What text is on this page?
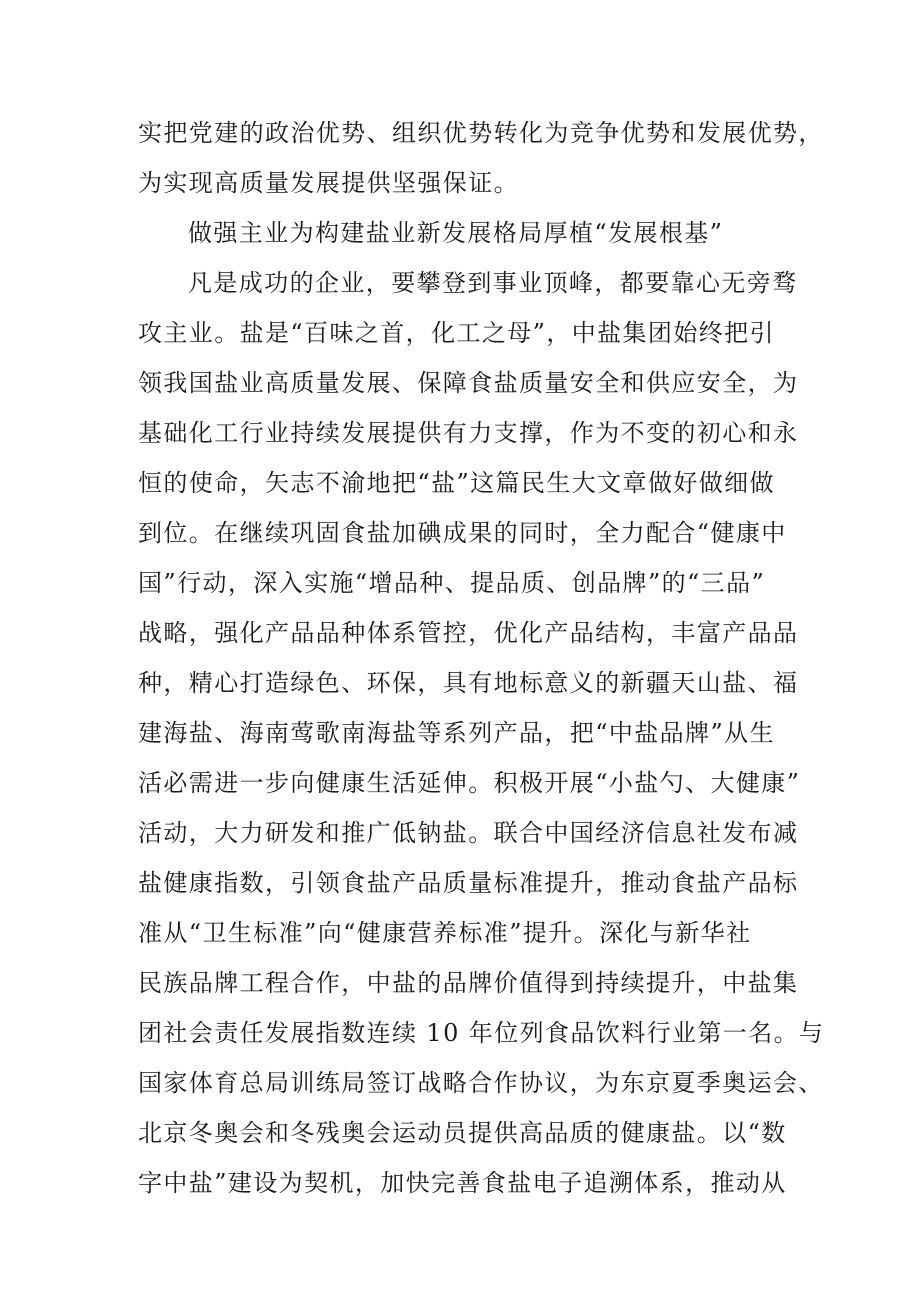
实把党建的政治优势、组织优势转化为竞争优势和发展优势，
为实现高质量发展提供坚强保证。
做强主业为构建盐业新发展格局厚植“发展根基”
凡是成功的企业，要攀登到事业顶峰，都要靠心无旁骛
攻主业。盐是“百味之首，化工之母”，中盐集团始终把引
领我国盐业高质量发展、保障食盐质量安全和供应安全，为
基础化工行业持续发展提供有力支撑，作为不变的初心和永
恒的使命，矢志不渝地把“盐”这篇民生大文章做好做细做
到位。在继续巩固食盐加碘成果的同时，全力配合“健康中
国”行动，深入实施“增品种、提品质、创品牌”的“三品”
战略，强化产品品种体系管控，优化产品结构，丰富产品品
种，精心打造绿色、环保，具有地标意义的新疆天山盐、福
建海盐、海南莺歌南海盐等系列产品，把“中盐品牌”从生
活必需进一步向健康生活延伸。积极开展“小盐勺、大健康”
活动，大力研发和推广低钠盐。联合中国经济信息社发布减
盐健康指数，引领食盐产品质量标准提升，推动食盐产品标
准从“卫生标准”向“健康营养标准”提升。深化与新华社
民族品牌工程合作，中盐的品牌价值得到持续提升，中盐集
团社会责任发展指数连续 10 年位列食品饮料行业第一名。与
国家体育总局训练局签订战略合作协议，为东京夏季奥运会、
北京冬奥会和冬残奥会运动员提供高品质的健康盐。以“数
字中盐”建设为契机，加快完善食盐电子追溯体系，推动从
